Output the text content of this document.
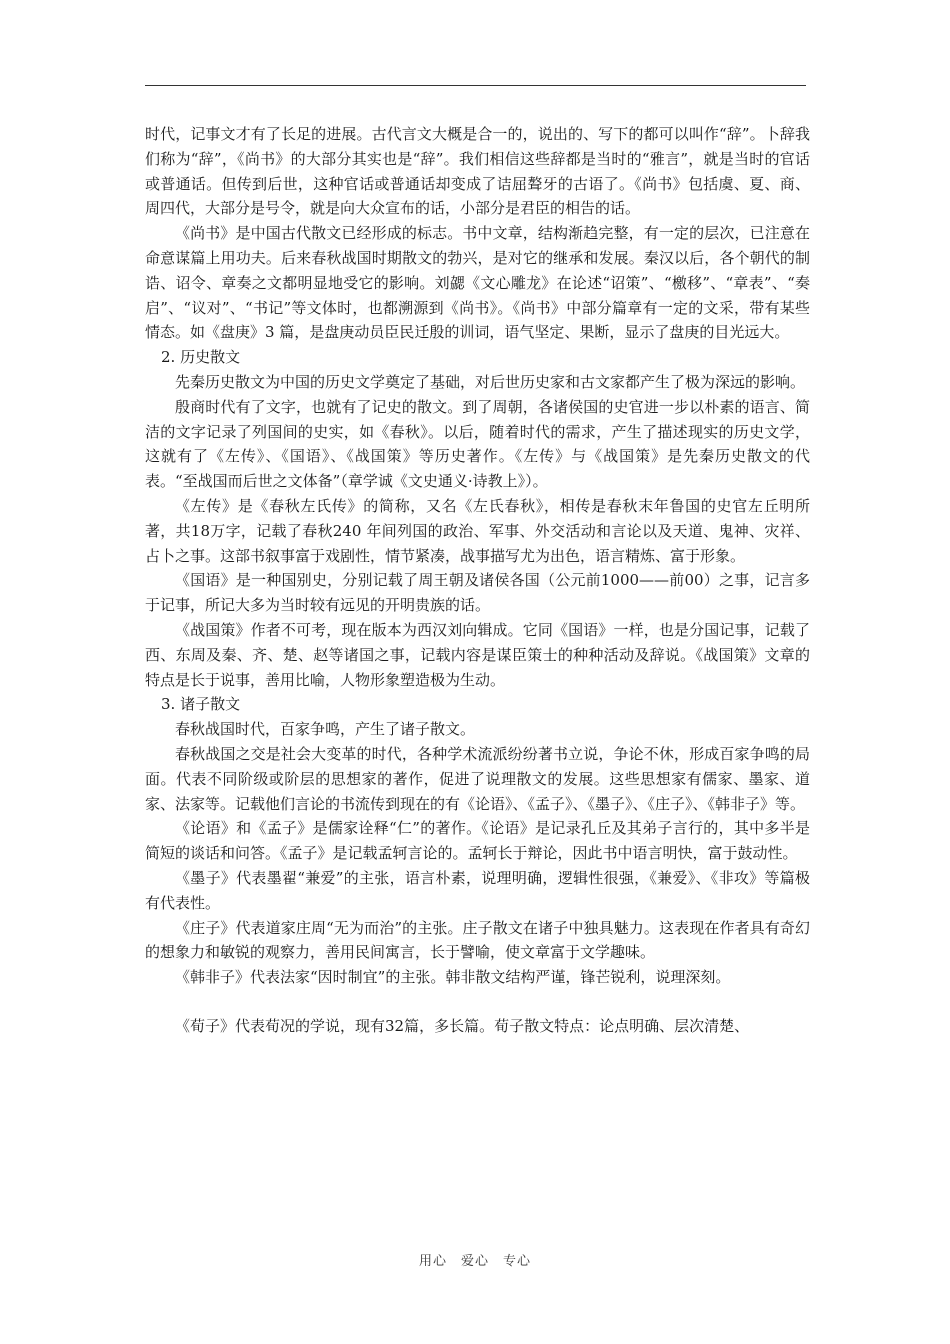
时代，记事文才有了长足的进展。古代言文大概是合一的，说出的、写下的都可以叫作“辞”。卜辞我们称为“辞”，《尚书》的大部分其实也是“辞”。我们相信这些辞都是当时的“雅言”，就是当时的官话或普通话。但传到后世，这种官话或普通话却变成了诘屈聱牙的古语了。《尚书》包括虞、夏、商、周四代，大部分是号令，就是向大众宣布的话，小部分是君臣的相告的话。

《尚书》是中国古代散文已经形成的标志。书中文章，结构渐趋完整，有一定的层次，已注意在命意谋篇上用功夫。后来春秋战国时期散文的勃兴，是对它的继承和发展。秦汉以后，各个朝代的制诰、诏令、章奏之文都明显地受它的影响。刘勰《文心雕龙》在论述“诏策”、“檄移”、“章表”、“奏启”、“议对”、“书记”等文体时，也都溯源到《尚书》。《尚书》中部分篇章有一定的文采，带有某些情态。如《盘庚》3 篇，是盘庚动员臣民迁殷的训词，语气坚定、果断，显示了盘庚的目光远大。

2. 历史散文

先秦历史散文为中国的历史文学奠定了基础，对后世历史家和古文家都产生了极为深远的影响。

殷商时代有了文字，也就有了记史的散文。到了周朝，各诸侯国的史官进一步以朴素的语言、简洁的文字记录了列国间的史实，如《春秋》。以后，随着时代的需求，产生了描述现实的历史文学，这就有了《左传》、《国语》、《战国策》等历史著作。《左传》与《战国策》是先秦历史散文的代表。“至战国而后世之文体备”（章学诚《文史通义·诗教上》）。

《左传》是《春秋左氏传》的简称，又名《左氏春秋》，相传是春秋末年鲁国的史官左丘明所著，共18万字，记载了春秋240 年间列国的政治、军事、外交活动和言论以及天道、鬼神、灾祥、占卜之事。这部书叙事富于戏剧性，情节紧凑，战事描写尤为出色，语言精炼、富于形象。

《国语》是一种国别史，分别记载了周王朝及诸侯各国（公元前1000——前00）之事，记言多于记事，所记大多为当时较有远见的开明贵族的话。

《战国策》作者不可考，现在版本为西汉刘向辑成。它同《国语》一样，也是分国记事，记载了西、东周及秦、齐、楚、赵等诸国之事，记载内容是谋臣策士的种种活动及辞说。《战国策》文章的特点是长于说事，善用比喻，人物形象塑造极为生动。

3. 诸子散文

春秋战国时代，百家争鸣，产生了诸子散文。

春秋战国之交是社会大变革的时代，各种学术流派纷纷著书立说，争论不休，形成百家争鸣的局面。代表不同阶级或阶层的思想家的著作，促进了说理散文的发展。这些思想家有儒家、墨家、道家、法家等。记载他们言论的书流传到现在的有《论语》、《孟子》、《墨子》、《庄子》、《韩非子》等。

《论语》和《孟子》是儒家诠释“仁”的著作。《论语》是记录孔丘及其弟子言行的，其中多半是简短的谈话和问答。《孟子》是记载孟轲言论的。孟轲长于辩论，因此书中语言明快，富于鼓动性。

《墨子》代表墨翟“兼爱”的主张，语言朴素，说理明确，逻辑性很强，《兼爱》、《非攻》等篇极有代表性。

《庄子》代表道家庄周“无为而治”的主张。庄子散文在诸子中独具魅力。这表现在作者具有奇幻的想象力和敏锐的观察力，善用民间寓言，长于譬喻，使文章富于文学趣味。

《韩非子》代表法家“因时制宜”的主张。韩非散文结构严谨，锋芒锐利，说理深刻。

《荀子》代表荀况的学说，现有32篇，多长篇。荀子散文特点：论点明确、层次清楚、

用心　爱心　专心
